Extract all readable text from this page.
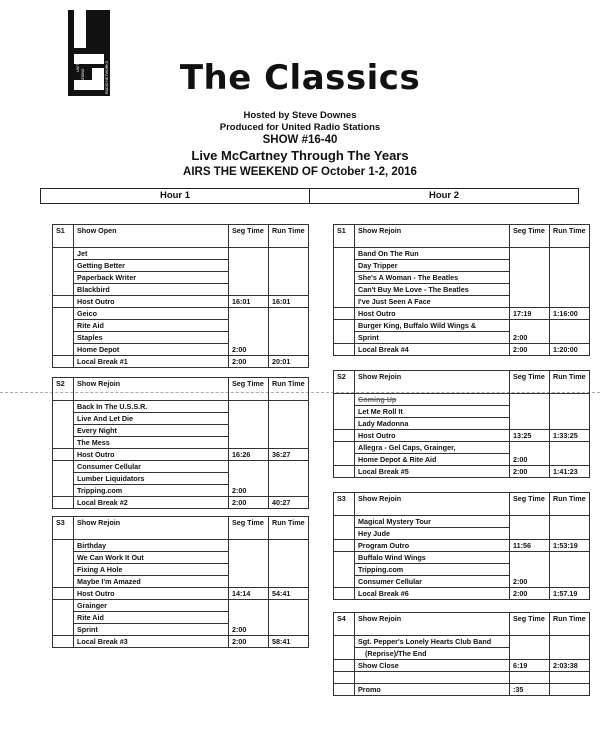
UNITED
STATIONS	RADIO NETWORKS	The Classics
Hosted by Steve Downes
Produced for United Radio Stations
SHOW #16-40
Live McCartney Through The Years
AIRS THE WEEKEND OF October 1-2, 2016
Hour 1	Hour 2
S1	Show Open	Seg Time	Run Time
	Jet		
	Getting Better		
	Paperback Writer		
	Blackbird		
	Host Outro	16:01	16:01
	Geico	2:00	
	Rite Aid		
	Staples		
	Home Depot		
	Local Break #1	2:00	20:01
S2	Show Rejoin	Seg Time	Run Time
	Back In The U.S.S.R.		
	Live And Let Die		
	Every Night		
	The Mess		
	Host Outro	16:26	36:27
	Consumer Cellular	2:00	
	Lumber Liquidators		
	Tripping.com		
	Local Break #2	2:00	40:27
S3	Show Rejoin	Seg Time	Run Time
	Birthday		
	We Can Work It Out		
	Fixing A Hole		
	Maybe I'm Amazed		
	Host Outro	14:14	54:41
	Grainger	2:00	
	Rite Aid		
	Sprint		
	Local Break #3	2:00	58:41
S1	Show Rejoin	Seg Time	Run Time
	Band On The Run		
	Day Tripper		
	She's A Woman - The Beatles		
	Can't Buy Me Love - The Beatles		
	I've Just Seen A Face		
	Host Outro	17:19	1:16:00
	Burger King, Buffalo Wild Wings &	2:00	
	Sprint		
	Local Break #4	2:00	1:20:00
S2	Show Rejoin	Seg Time	Run Time
	Coming Up		
	Let Me Roll It		
	Lady Madonna		
	Host Outro	13:25	1:33:25
	Allegra - Gel Caps, Grainger,	2:00	
	Home Depot & Rite Aid		
	Local Break #5	2:00	1:41:23
S3	Show Rejoin	Seg Time	Run Time
	Magical Mystery Tour		
	Hey Jude		
	Program Outro	11:56	1:53:19
	Buffalo Wind Wings	2:00	
	Tripping.com		
	Consumer Cellular		
	Local Break #6	2:00	1:57.19
S4	Show Rejoin	Seg Time	Run Time
	Sgt. Pepper's Lonely Hearts Club Band		
	(Reprise)/The End		
	Show Close	6:19	2:03:38

	Promo	:35	
